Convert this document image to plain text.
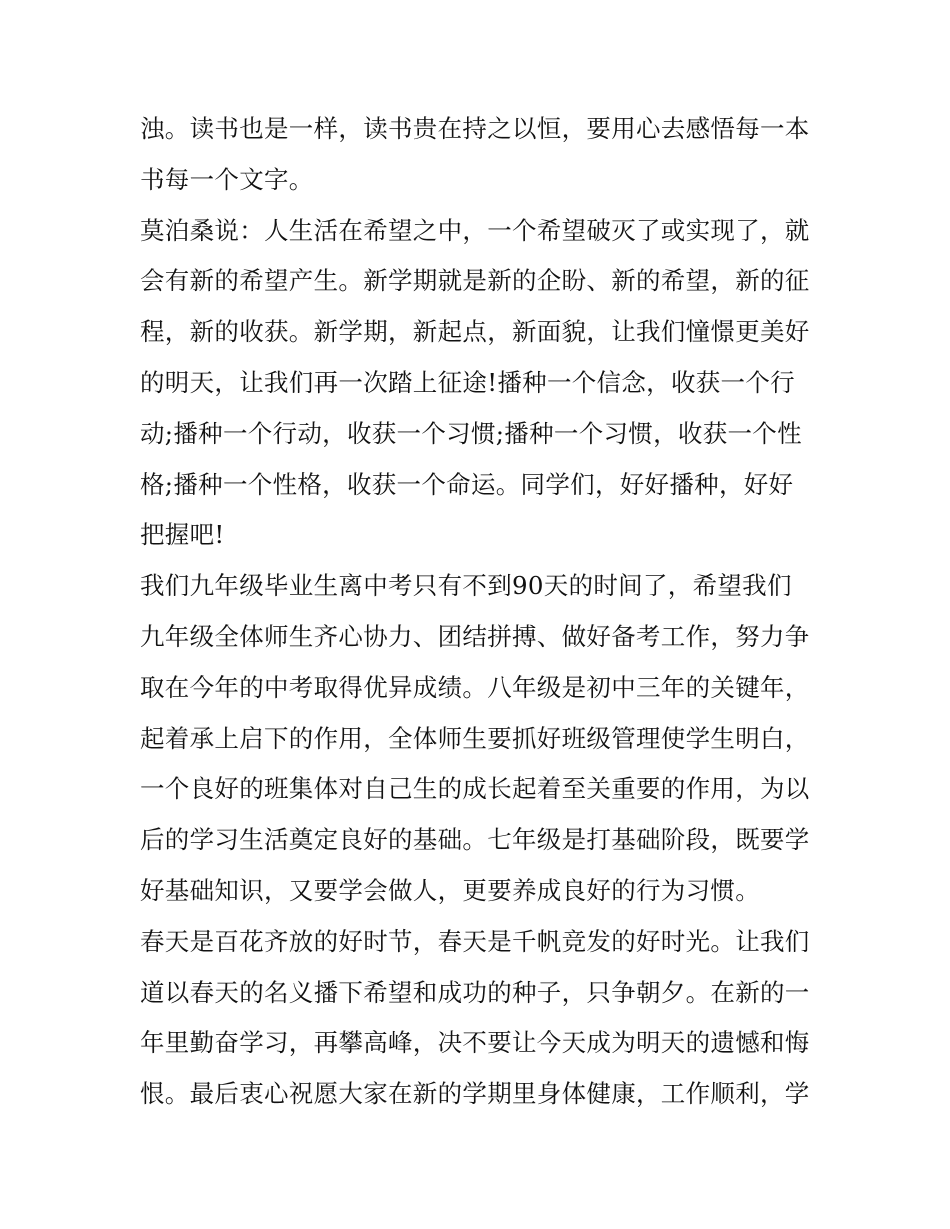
浊。读书也是一样，读书贵在持之以恒，要用心去感悟每一本
书每一个文字。
莫泊桑说：人生活在希望之中，一个希望破灭了或实现了，就
会有新的希望产生。新学期就是新的企盼、新的希望，新的征
程，新的收获。新学期，新起点，新面貌，让我们憧憬更美好
的明天，让我们再一次踏上征途!播种一个信念，收获一个行
动;播种一个行动，收获一个习惯;播种一个习惯，收获一个性
格;播种一个性格，收获一个命运。同学们，好好播种，好好
把握吧!
我们九年级毕业生离中考只有不到90天的时间了，希望我们
九年级全体师生齐心协力、团结拼搏、做好备考工作，努力争
取在今年的中考取得优异成绩。八年级是初中三年的关键年，
起着承上启下的作用，全体师生要抓好班级管理使学生明白，
一个良好的班集体对自己生的成长起着至关重要的作用，为以
后的学习生活奠定良好的基础。七年级是打基础阶段，既要学
好基础知识，又要学会做人，更要养成良好的行为习惯。
春天是百花齐放的好时节，春天是千帆竞发的好时光。让我们
道以春天的名义播下希望和成功的种子，只争朝夕。在新的一
年里勤奋学习，再攀高峰，决不要让今天成为明天的遗憾和悔
恨。最后衷心祝愿大家在新的学期里身体健康，工作顺利，学
